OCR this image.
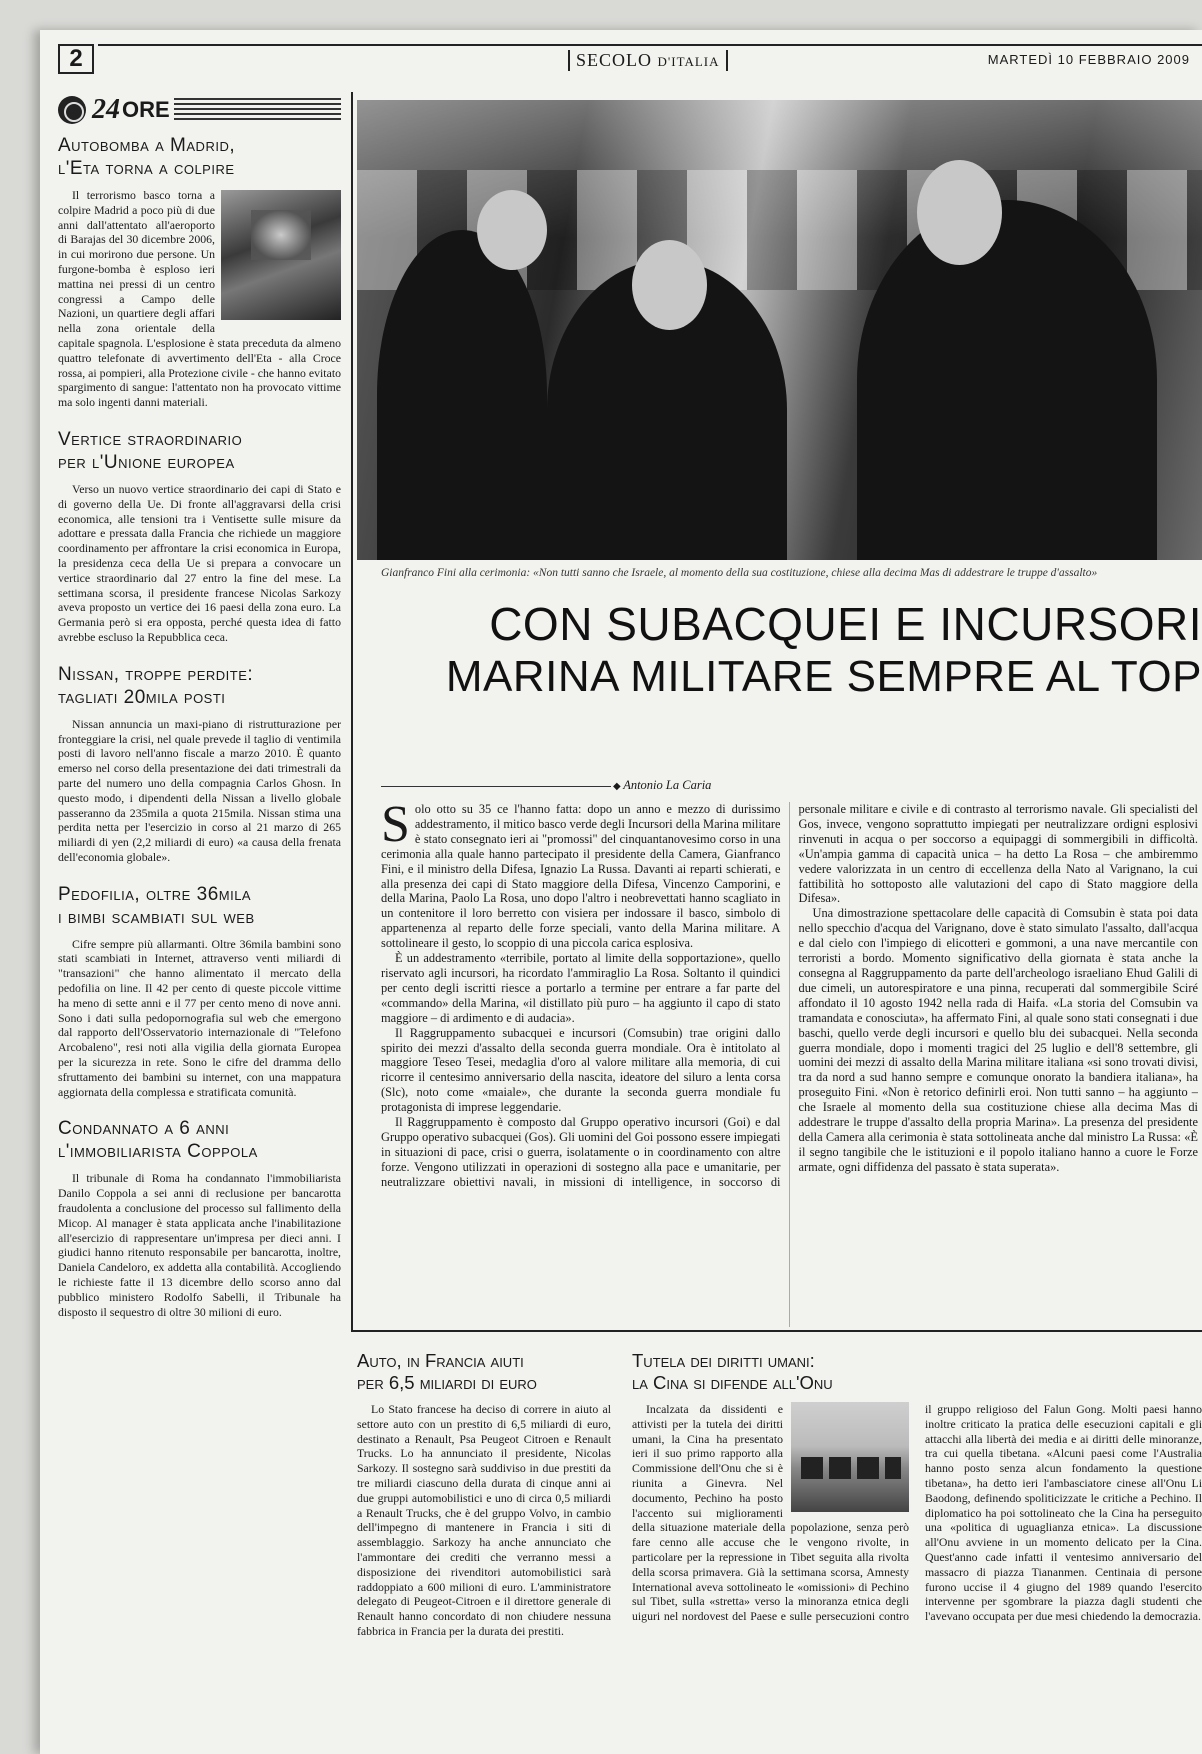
2	SECOLO D'ITALIA	MARTEDÌ 10 FEBBRAIO 2009
24 ORE
Autobomba a Madrid,
l'Eta torna a colpire

Il terrorismo basco torna a colpire Madrid a poco più di due anni dall'attentato all'aeroporto di Barajas del 30 dicembre 2006, in cui morirono due persone. Un furgone-bomba è esploso ieri mattina nei pressi di un centro congressi a Campo delle Nazioni, un quartiere degli affari nella zona orientale della capitale spagnola. L'esplosione è stata preceduta da almeno quattro telefonate di avvertimento dell'Eta - alla Croce rossa, ai pompieri, alla Protezione civile - che hanno evitato spargimento di sangue: l'attentato non ha provocato vittime ma solo ingenti danni materiali.

Vertice straordinario
per l'Unione europea

Verso un nuovo vertice straordinario dei capi di Stato e di governo della Ue. Di fronte all'aggravarsi della crisi economica, alle tensioni tra i Ventisette sulle misure da adottare e pressata dalla Francia che richiede un maggiore coordinamento per affrontare la crisi economica in Europa, la presidenza ceca della Ue si prepara a convocare un vertice straordinario dal 27 entro la fine del mese. La settimana scorsa, il presidente francese Nicolas Sarkozy aveva proposto un vertice dei 16 paesi della zona euro. La Germania però si era opposta, perché questa idea di fatto avrebbe escluso la Repubblica ceca.

Nissan, troppe perdite:
tagliati 20mila posti

Nissan annuncia un maxi-piano di ristrutturazione per fronteggiare la crisi, nel quale prevede il taglio di ventimila posti di lavoro nell'anno fiscale a marzo 2010. È quanto emerso nel corso della presentazione dei dati trimestrali da parte del numero uno della compagnia Carlos Ghosn. In questo modo, i dipendenti della Nissan a livello globale passeranno da 235mila a quota 215mila. Nissan stima una perdita netta per l'esercizio in corso al 21 marzo di 265 miliardi di yen (2,2 miliardi di euro) «a causa della frenata dell'economia globale».

Pedofilia, oltre 36mila
i bimbi scambiati sul web

Cifre sempre più allarmanti. Oltre 36mila bambini sono stati scambiati in Internet, attraverso venti miliardi di "transazioni" che hanno alimentato il mercato della pedofilia on line. Il 42 per cento di queste piccole vittime ha meno di sette anni e il 77 per cento meno di nove anni. Sono i dati sulla pedopornografia sul web che emergono dal rapporto dell'Osservatorio internazionale di "Telefono Arcobaleno", resi noti alla vigilia della giornata Europea per la sicurezza in rete. Sono le cifre del dramma dello sfruttamento dei bambini su internet, con una mappatura aggiornata della complessa e stratificata comunità.

Condannato a 6 anni
l'immobiliarista Coppola

Il tribunale di Roma ha condannato l'immobiliarista Danilo Coppola a sei anni di reclusione per bancarotta fraudolenta a conclusione del processo sul fallimento della Micop. Al manager è stata applicata anche l'inabilitazione all'esercizio di rappresentare un'impresa per dieci anni. I giudici hanno ritenuto responsabile per bancarotta, inoltre, Daniela Candeloro, ex addetta alla contabilità. Accogliendo le richieste fatte il 13 dicembre dello scorso anno dal pubblico ministero Rodolfo Sabelli, il Tribunale ha disposto il sequestro di oltre 30 milioni di euro.

Gianfranco Fini alla cerimonia: «Non tutti sanno che Israele, al momento della sua costituzione, chiese alla decima Mas di addestrare le truppe d'assalto»
CON SUBACQUEI E INCURSORI
MARINA MILITARE SEMPRE AL TOP
◆ Antonio La Caria

Solo otto su 35 ce l'hanno fatta: dopo un anno e mezzo di durissimo addestramento, il mitico basco verde degli Incursori della Marina militare è stato consegnato ieri ai "promossi" del cinquantanovesimo corso in una cerimonia alla quale hanno partecipato il presidente della Camera, Gianfranco Fini, e il ministro della Difesa, Ignazio La Russa. Davanti ai reparti schierati, e alla presenza dei capi di Stato maggiore della Difesa, Vincenzo Camporini, e della Marina, Paolo La Rosa, uno dopo l'altro i neobrevettati hanno scagliato in un contenitore il loro berretto con visiera per indossare il basco, simbolo di appartenenza al reparto delle forze speciali, vanto della Marina militare. A sottolineare il gesto, lo scoppio di una piccola carica esplosiva.

È un addestramento «terribile, portato al limite della sopportazione», quello riservato agli incursori, ha ricordato l'ammiraglio La Rosa. Soltanto il quindici per cento degli iscritti riesce a portarlo a termine per entrare a far parte del «commando» della Marina, «il distillato più puro – ha aggiunto il capo di stato maggiore – di ardimento e di audacia».

Il Raggruppamento subacquei e incursori (Comsubin) trae origini dallo spirito dei mezzi d'assalto della seconda guerra mondiale. Ora è intitolato al maggiore Teseo Tesei, medaglia d'oro al valore militare alla memoria, di cui ricorre il centesimo anniversario della nascita, ideatore del siluro a lenta corsa (Slc), noto come «maiale», che durante la seconda guerra mondiale fu protagonista di imprese leggendarie.

Il Raggruppamento è composto dal Gruppo operativo incursori (Goi) e dal Gruppo operativo subacquei (Gos). Gli uomini del Goi possono essere impiegati in situazioni di pace, crisi o guerra, isolatamente o in coordinamento con altre forze. Vengono utilizzati in operazioni di sostegno alla pace e umanitarie, per neutralizzare obiettivi navali, in missioni di intelligence, in soccorso di personale militare e civile e di contrasto al terrorismo navale. Gli specialisti del Gos, invece, vengono soprattutto impiegati per neutralizzare ordigni esplosivi rinvenuti in acqua o per soccorso a equipaggi di sommergibili in difficoltà. «Un'ampia gamma di capacità unica – ha detto La Rosa – che ambiremmo vedere valorizzata in un centro di eccellenza della Nato al Varignano, la cui fattibilità ho sottoposto alle valutazioni del capo di Stato maggiore della Difesa».

Una dimostrazione spettacolare delle capacità di Comsubin è stata poi data nello specchio d'acqua del Varignano, dove è stato simulato l'assalto, dall'acqua e dal cielo con l'impiego di elicotteri e gommoni, a una nave mercantile con terroristi a bordo. Momento significativo della giornata è stata anche la consegna al Raggruppamento da parte dell'archeologo israeliano Ehud Galili di due cimeli, un autorespiratore e una pinna, recuperati dal sommergibile Sciré affondato il 10 agosto 1942 nella rada di Haifa. «La storia del Comsubin va tramandata e conosciuta», ha affermato Fini, al quale sono stati consegnati i due baschi, quello verde degli incursori e quello blu dei subacquei. Nella seconda guerra mondiale, dopo i momenti tragici del 25 luglio e dell'8 settembre, gli uomini dei mezzi di assalto della Marina militare italiana «si sono trovati divisi, tra da nord a sud hanno sempre e comunque onorato la bandiera italiana», ha proseguito Fini. «Non è retorico definirli eroi. Non tutti sanno – ha aggiunto – che Israele al momento della sua costituzione chiese alla decima Mas di addestrare le truppe d'assalto della propria Marina». La presenza del presidente della Camera alla cerimonia è stata sottolineata anche dal ministro La Russa: «È il segno tangibile che le istituzioni e il popolo italiano hanno a cuore le Forze armate, ogni diffidenza del passato è stata superata».

Auto, in Francia aiuti
per 6,5 miliardi di euro

Lo Stato francese ha deciso di correre in aiuto al settore auto con un prestito di 6,5 miliardi di euro, destinato a Renault, Psa Peugeot Citroen e Renault Trucks. Lo ha annunciato il presidente, Nicolas Sarkozy. Il sostegno sarà suddiviso in due prestiti da tre miliardi ciascuno della durata di cinque anni ai due gruppi automobilistici e uno di circa 0,5 miliardi a Renault Trucks, che è del gruppo Volvo, in cambio dell'impegno di mantenere in Francia i siti di assemblaggio. Sarkozy ha anche annunciato che l'ammontare dei crediti che verranno messi a disposizione dei rivenditori automobilistici sarà raddoppiato a 600 milioni di euro. L'amministratore delegato di Peugeot-Citroen e il direttore generale di Renault hanno concordato di non chiudere nessuna fabbrica in Francia per la durata dei prestiti.

Tutela dei diritti umani:
la Cina si difende all'Onu

Incalzata da dissidenti e attivisti per la tutela dei diritti umani, la Cina ha presentato ieri il suo primo rapporto alla Commissione dell'Onu che si è riunita a Ginevra. Nel documento, Pechino ha posto l'accento sui miglioramenti della situazione materiale della popolazione, senza però fare cenno alle accuse che le vengono rivolte, in particolare per la repressione in Tibet seguita alla rivolta della scorsa primavera. Già la settimana scorsa, Amnesty International aveva sottolineato le «omissioni» di Pechino sul Tibet, sulla «stretta» verso la minoranza etnica degli uiguri nel nordovest del Paese e sulle persecuzioni contro il gruppo religioso del Falun Gong. Molti paesi hanno inoltre criticato la pratica delle esecuzioni capitali e gli attacchi alla libertà dei media e ai diritti delle minoranze, tra cui quella tibetana. «Alcuni paesi come l'Australia hanno posto senza alcun fondamento la questione tibetana», ha detto ieri l'ambasciatore cinese all'Onu Li Baodong, definendo spoliticizzate le critiche a Pechino. Il diplomatico ha poi sottolineato che la Cina ha perseguito una «politica di uguaglianza etnica». La discussione all'Onu avviene in un momento delicato per la Cina. Quest'anno cade infatti il ventesimo anniversario del massacro di piazza Tiananmen. Centinaia di persone furono uccise il 4 giugno del 1989 quando l'esercito intervenne per sgombrare la piazza dagli studenti che l'avevano occupata per due mesi chiedendo la democrazia.
